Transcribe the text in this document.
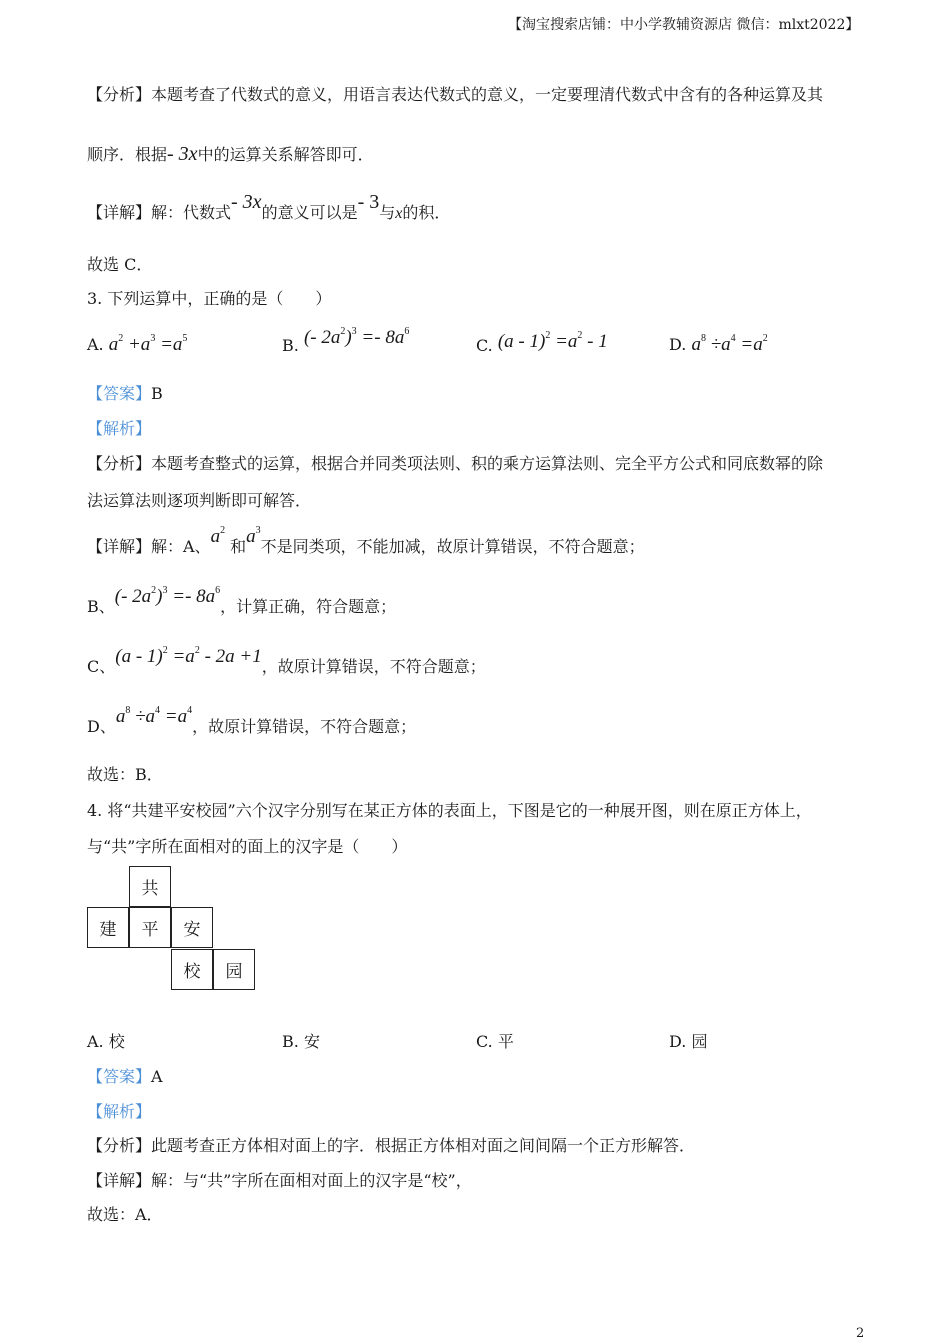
【淘宝搜索店铺：中小学教辅资源店 微信：mlxt2022】
【分析】本题考查了代数式的意义，用语言表达代数式的意义，一定要理清代数式中含有的各种运算及其
顺序．根据- 3x中的运算关系解答即可．
【详解】解：代数式- 3x的意义可以是- 3与x的积．
故选 C．
3. 下列运算中，正确的是（　　）
A. $a^2 +a^3 =a^5$	B. (- $2a^2)^3 =- 8a^6$
C. $(a - 1)^2 =a^2 - 1$	D. $a^8 \div a^4 =a^2$
【答案】B
【解析】
【分析】本题考查整式的运算，根据合并同类项法则、积的乘方运算法则、完全平方公式和同底数幂的除
法运算法则逐项判断即可解答．
【详解】解：A、$a^2$ 和$a^3$不是同类项，不能加减，故原计算错误，不符合题意；
B、(- $2a^2)^3 =- 8a^6$，计算正确，符合题意；
C、$(a - 1)^2 =a^2 - 2a +1$，故原计算错误，不符合题意；
D、$a^8 \div a^4 =a^4$，故原计算错误，不符合题意；
故选：B．
4. 将“共建平安校园”六个汉字分别写在某正方体的表面上，下图是它的一种展开图，则在原正方体上，
与“共”字所在面相对的面上的汉字是（　　）
共
建	平	安
校	园
A. 校	B. 安	C. 平	D. 园
【答案】A
【解析】
【分析】此题考查正方体相对面上的字．根据正方体相对面之间间隔一个正方形解答．
【详解】解：与“共”字所在面相对面上的汉字是“校”，
故选：A．
2
